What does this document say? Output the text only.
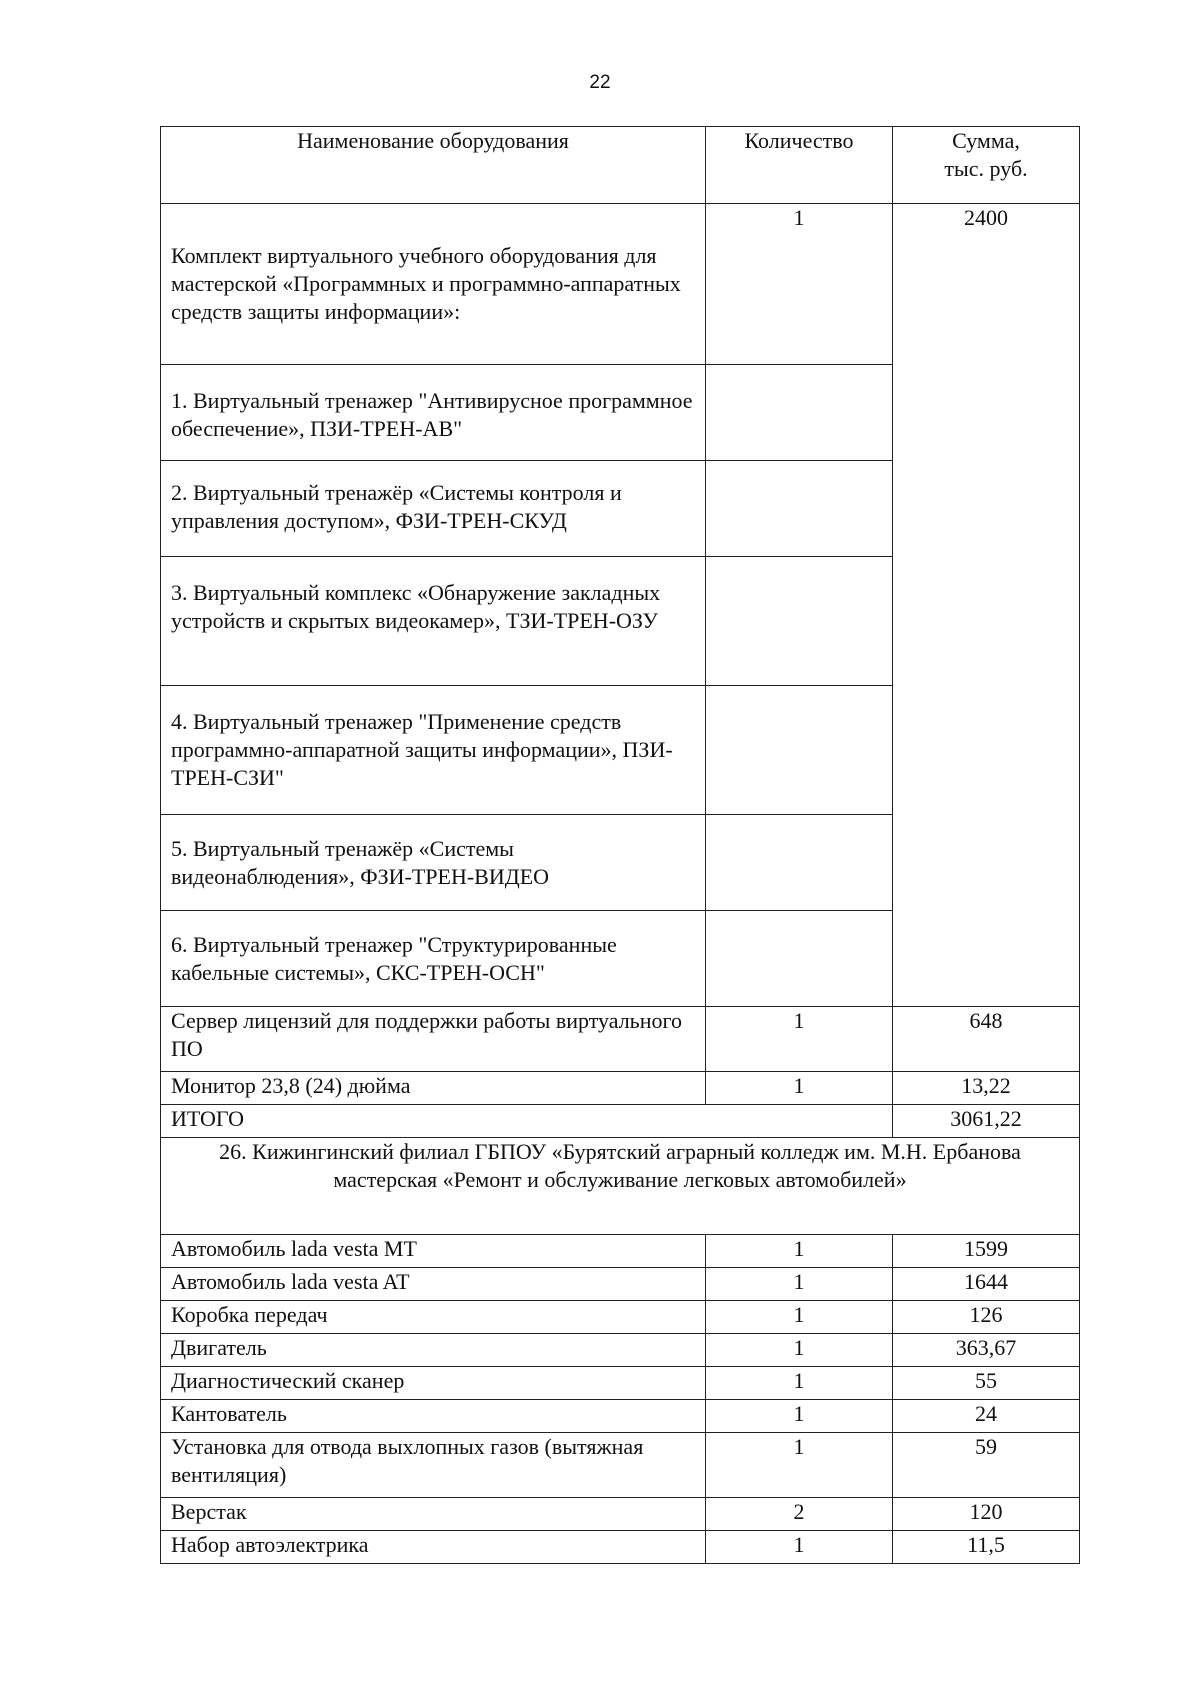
22
Наименование оборудования	Количество	Сумма,
тыс. руб.

Комплект виртуального учебного оборудования для мастерской «Программных и программно-аппаратных средств защиты информации»:	1	2400
1. Виртуальный тренажер "Антивирусное программное обеспечение», ПЗИ-ТРЕН-АВ"		
2. Виртуальный тренажёр «Системы контроля и управления доступом», ФЗИ-ТРЕН-СКУД		
3. Виртуальный комплекс «Обнаружение закладных устройств и скрытых видеокамер», ТЗИ-ТРЕН-ОЗУ		
4. Виртуальный тренажер "Применение средств программно-аппаратной защиты информации», ПЗИ-ТРЕН-СЗИ"		
5. Виртуальный тренажёр «Системы видеонаблюдения», ФЗИ-ТРЕН-ВИДЕО		
6. Виртуальный тренажер "Структурированные кабельные системы», СКС-ТРЕН-ОСН"		
Сервер лицензий для поддержки работы виртуального ПО	1	648
Монитор 23,8 (24) дюйма	1	13,22
ИТОГО		3061,22

26. Кижингинский филиал ГБПОУ «Бурятский аграрный колледж им. М.Н. Ербанова
мастерская «Ремонт и обслуживание легковых автомобилей»		

Автомобиль lada vesta MT	1	1599
Автомобиль lada vesta AT	1	1644
Коробка передач	1	126
Двигатель	1	363,67
Диагностический сканер	1	55
Кантователь	1	24
Установка для отвода выхлопных газов (вытяжная вентиляция)	1	59
Верстак	2	120
Набор автоэлектрика	1	11,5
